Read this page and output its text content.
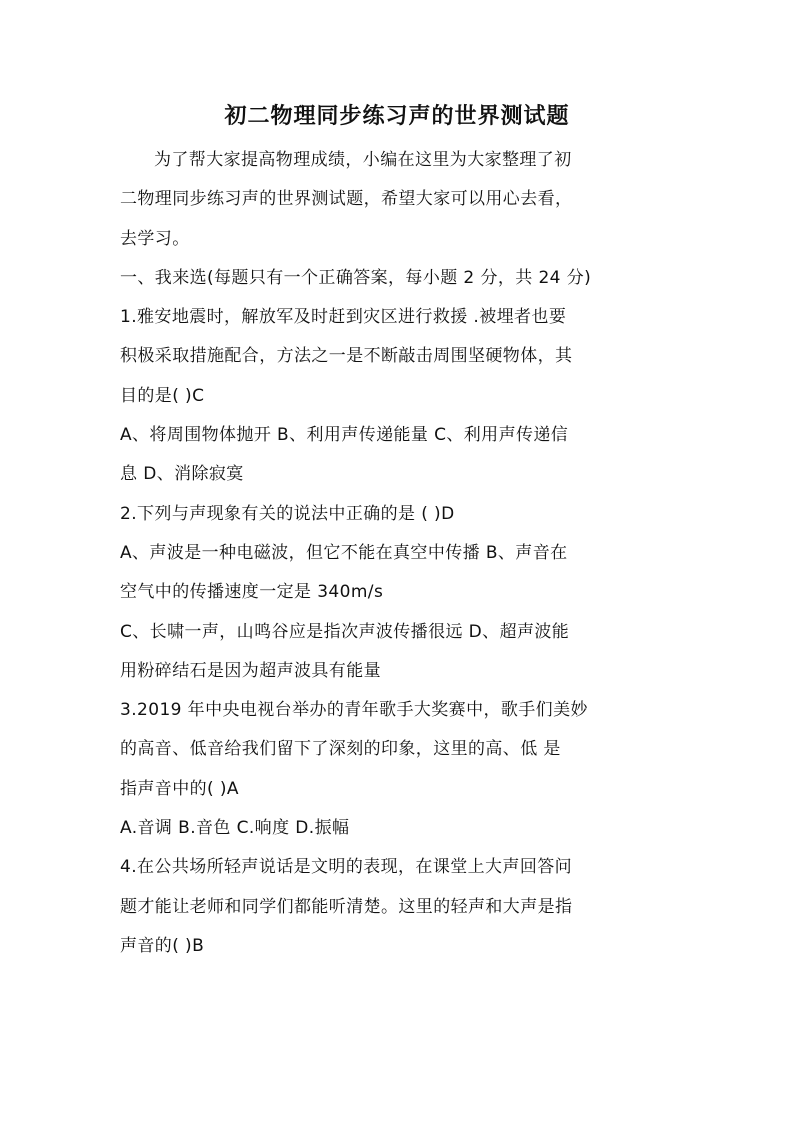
初二物理同步练习声的世界测试题
为了帮大家提高物理成绩，小编在这里为大家整理了初
二物理同步练习声的世界测试题，希望大家可以用心去看，
去学习。
一、我来选(每题只有一个正确答案，每小题 2 分，共 24 分)
1.雅安地震时，解放军及时赶到灾区进行救援 .被埋者也要
积极采取措施配合，方法之一是不断敲击周围坚硬物体，其
目的是( )C
A、将周围物体抛开 B、利用声传递能量 C、利用声传递信
息 D、消除寂寞
2.下列与声现象有关的说法中正确的是 ( )D
A、声波是一种电磁波，但它不能在真空中传播 B、声音在
空气中的传播速度一定是 340m/s
C、长啸一声，山鸣谷应是指次声波传播很远 D、超声波能
用粉碎结石是因为超声波具有能量
3.2019 年中央电视台举办的青年歌手大奖赛中，歌手们美妙
的高音、低音给我们留下了深刻的印象，这里的高、低 是
指声音中的( )A
A.音调 B.音色 C.响度 D.振幅
4.在公共场所轻声说话是文明的表现，在课堂上大声回答问
题才能让老师和同学们都能听清楚。这里的轻声和大声是指
声音的( )B
